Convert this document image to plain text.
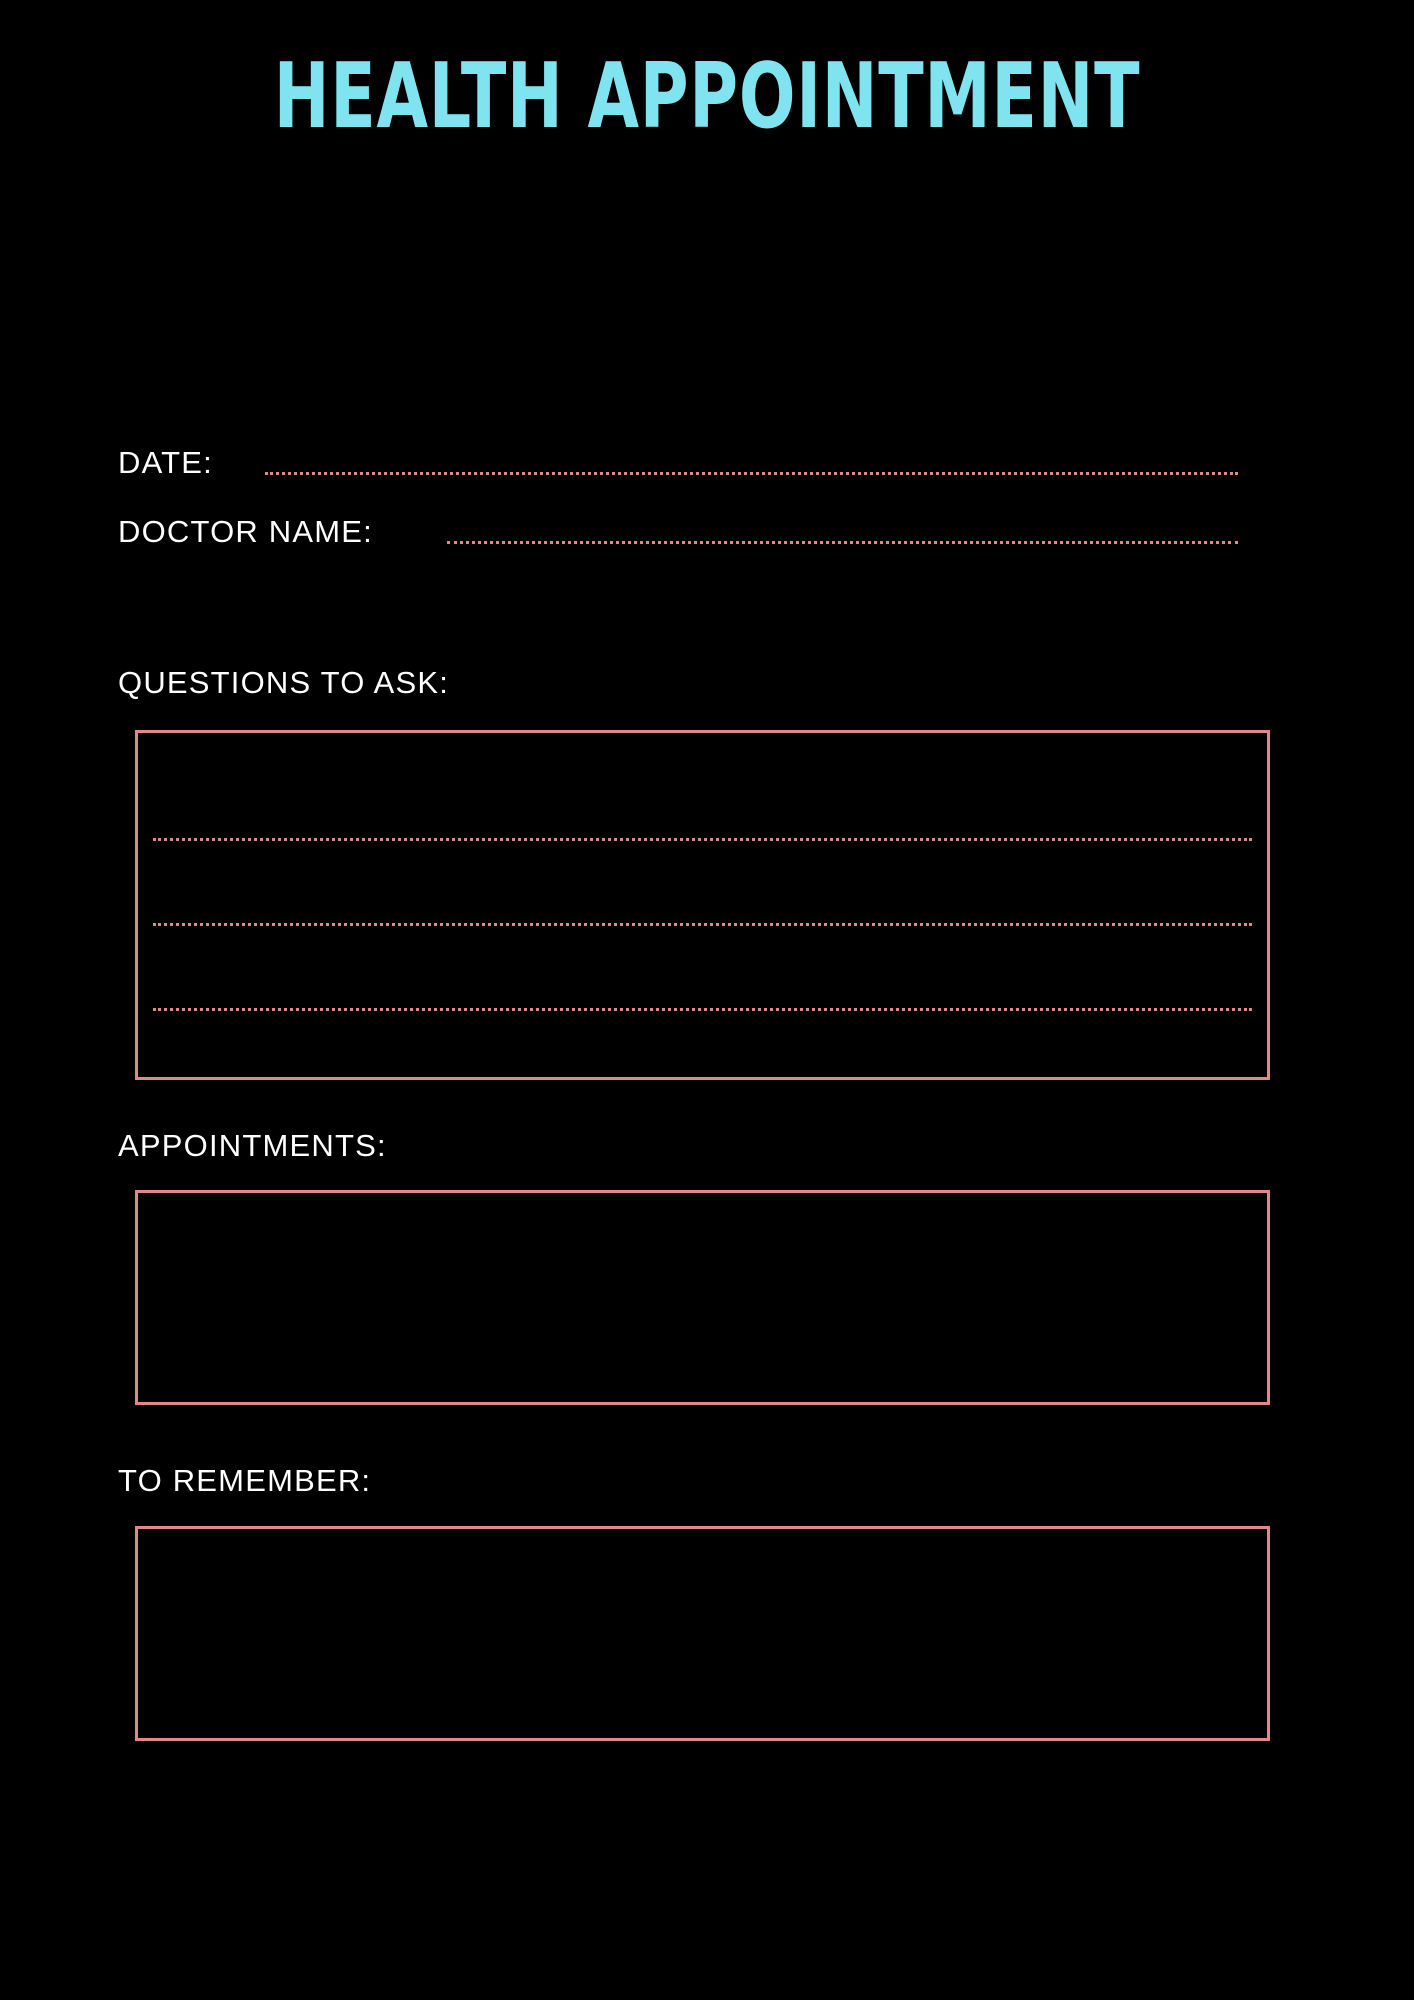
HEALTH APPOINTMENT
DATE:
DOCTOR NAME:
QUESTIONS TO ASK:
APPOINTMENTS:
TO REMEMBER:
